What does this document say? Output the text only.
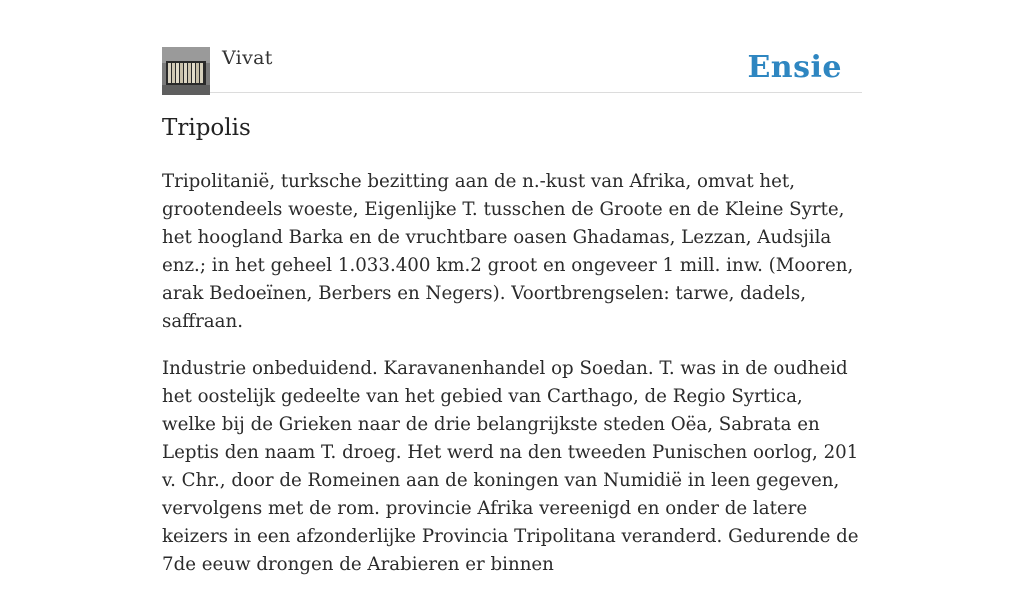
Vivat	Ensie
Tripolis

Tripolitanië, turksche bezitting aan de n.-kust van Afrika, omvat het, grootendeels woeste, Eigenlijke T. tusschen de Groote en de Kleine Syrte, het hoogland Barka en de vruchtbare oasen Ghadamas, Lezzan, Audsjila enz.; in het geheel 1.033.400 km.2 groot en ongeveer 1 mill. inw. (Mooren, arak Bedoeïnen, Berbers en Negers). Voortbrengselen: tarwe, dadels, saffraan.

Industrie onbeduidend. Karavanenhandel op Soedan. T. was in de oudheid het oostelijk gedeelte van het gebied van Carthago, de Regio Syrtica, welke bij de Grieken naar de drie belangrijkste steden Oëa, Sabrata en Leptis den naam T. droeg. Het werd na den tweeden Punischen oorlog, 201 v. Chr., door de Romeinen aan de koningen van Numidië in leen gegeven, vervolgens met de rom. provincie Afrika vereenigd en onder de latere keizers in een afzonderlijke Provincia Tripolitana veranderd. Gedurende de 7de eeuw drongen de Arabieren er binnen
